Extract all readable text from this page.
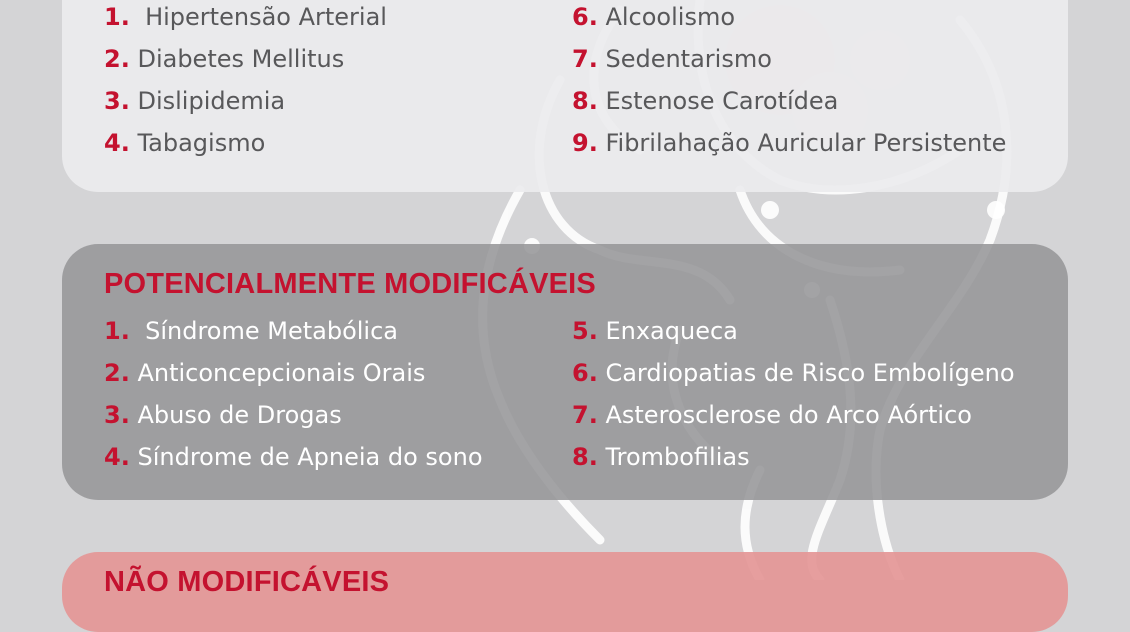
1. Hipertensão Arterial
2. Diabetes Mellitus
3. Dislipidemia
4. Tabagismo
6. Alcoolismo
7. Sedentarismo
8. Estenose Carotídea
9. Fibrilahação Auricular Persistente
POTENCIALMENTE MODIFICÁVEIS
1. Síndrome Metabólica
2. Anticoncepcionais Orais
3. Abuso de Drogas
4. Síndrome de Apneia do sono
5. Enxaqueca
6. Cardiopatias de Risco Embolígeno
7. Asterosclerose do Arco Aórtico
8. Trombofilias
NÃO MODIFICÁVEIS
